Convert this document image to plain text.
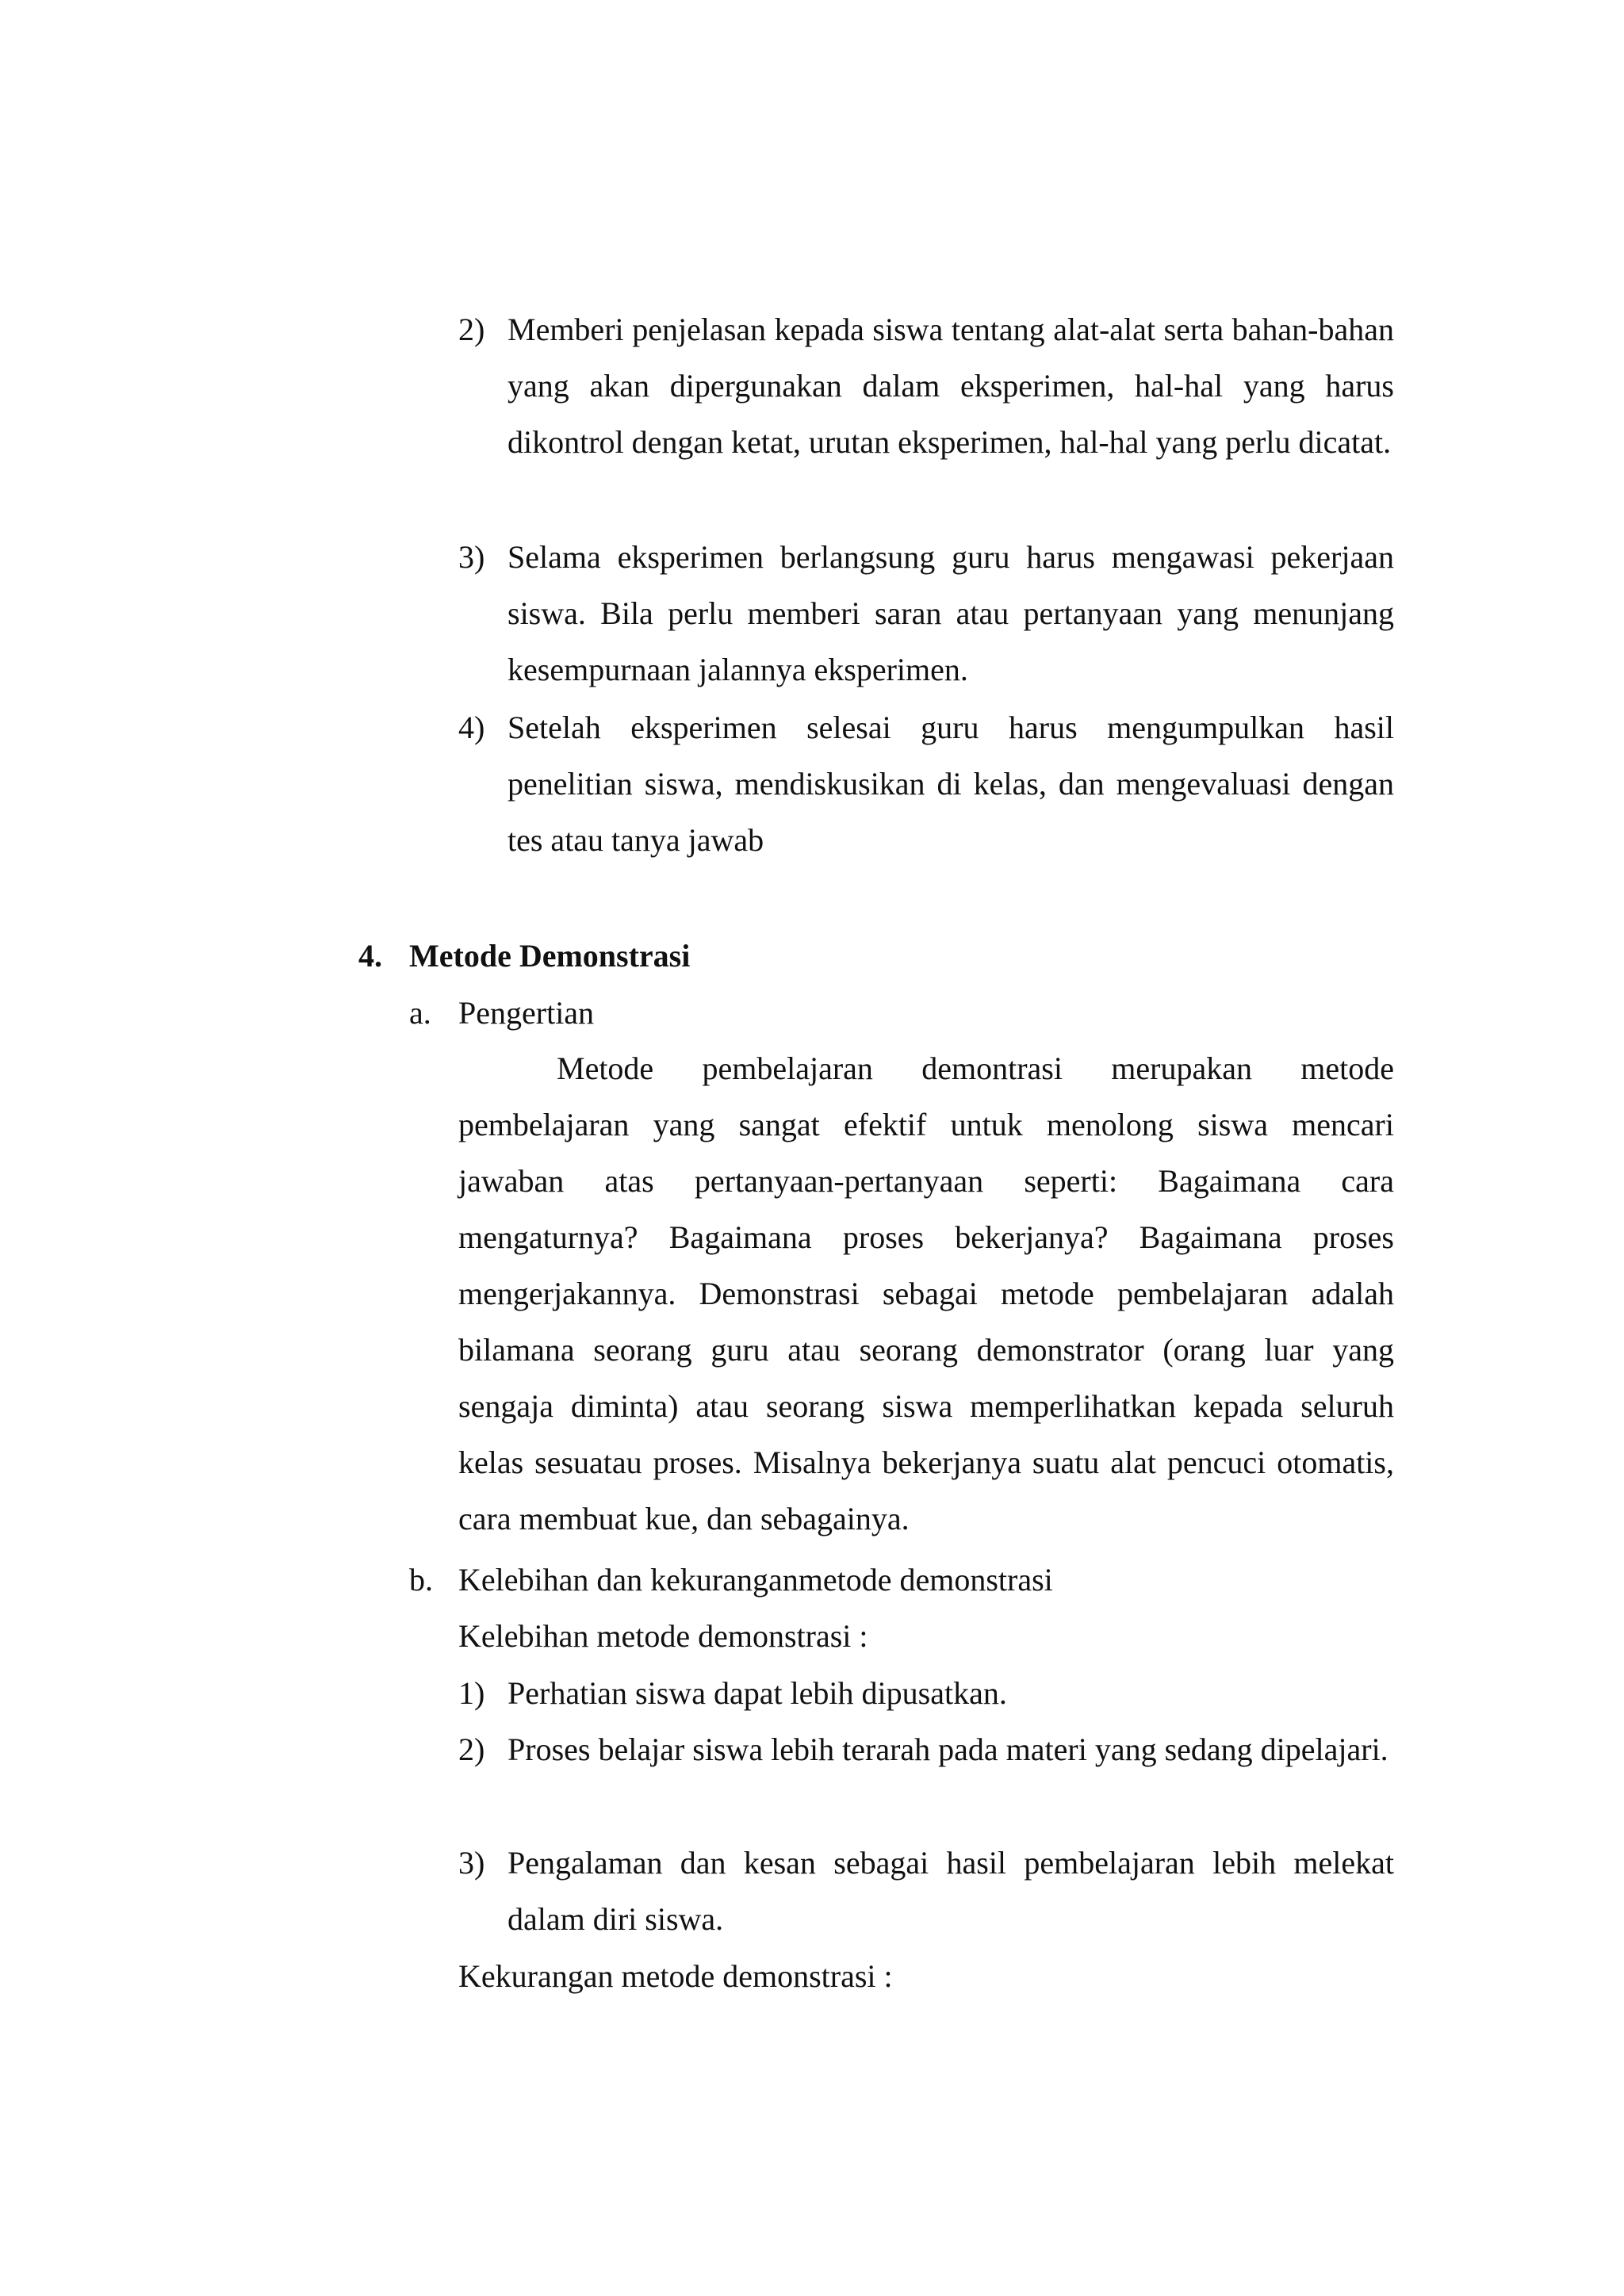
2) Memberi penjelasan kepada siswa tentang alat-alat serta bahan-bahan yang akan dipergunakan dalam eksperimen, hal-hal yang harus dikontrol dengan ketat, urutan eksperimen, hal-hal yang perlu dicatat.
3) Selama eksperimen berlangsung guru harus mengawasi pekerjaan siswa. Bila perlu memberi saran atau pertanyaan yang menunjang kesempurnaan jalannya eksperimen.
4) Setelah eksperimen selesai guru harus mengumpulkan hasil penelitian siswa, mendiskusikan di kelas, dan mengevaluasi dengan tes atau tanya jawab
4. Metode Demonstrasi
a. Pengertian
Metode pembelajaran demontrasi merupakan metode pembelajaran yang sangat efektif untuk menolong siswa mencari jawaban atas pertanyaan-pertanyaan seperti: Bagaimana cara mengaturnya? Bagaimana proses bekerjanya? Bagaimana proses mengerjakannya. Demonstrasi sebagai metode pembelajaran adalah bilamana seorang guru atau seorang demonstrator (orang luar yang sengaja diminta) atau seorang siswa memperlihatkan kepada seluruh kelas sesuatau proses. Misalnya bekerjanya suatu alat pencuci otomatis, cara membuat kue, dan sebagainya.
b. Kelebihan dan kekuranganmetode demonstrasi
Kelebihan metode demonstrasi :
1) Perhatian siswa dapat lebih dipusatkan.
2) Proses belajar siswa lebih terarah pada materi yang sedang dipelajari.
3) Pengalaman dan kesan sebagai hasil pembelajaran lebih melekat dalam diri siswa.
Kekurangan metode demonstrasi :
